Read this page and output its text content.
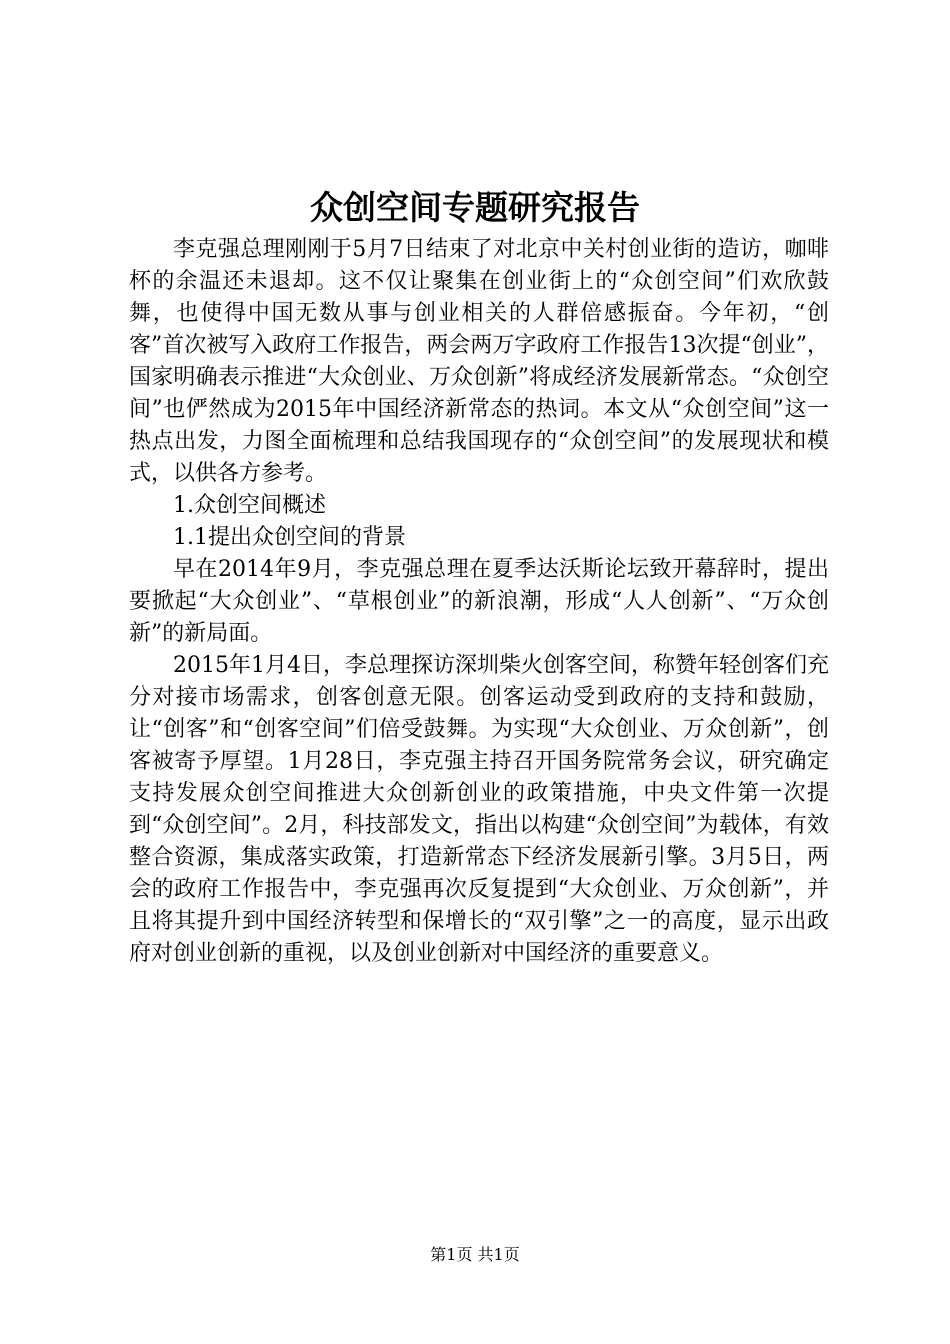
众创空间专题研究报告

李克强总理刚刚于5月7日结束了对北京中关村创业街的造访，咖啡杯的余温还未退却。这不仅让聚集在创业街上的“众创空间”们欢欣鼓舞，也使得中国无数从事与创业相关的人群倍感振奋。今年初，“创客”首次被写入政府工作报告，两会两万字政府工作报告13次提“创业”，国家明确表示推进“大众创业、万众创新”将成经济发展新常态。“众创空间”也俨然成为2015年中国经济新常态的热词。本文从“众创空间”这一热点出发，力图全面梳理和总结我国现存的“众创空间”的发展现状和模式，以供各方参考。

1.众创空间概述

1.1提出众创空间的背景

早在2014年9月，李克强总理在夏季达沃斯论坛致开幕辞时，提出要掀起“大众创业”、“草根创业”的新浪潮，形成“人人创新”、“万众创新”的新局面。

2015年1月4日，李总理探访深圳柴火创客空间，称赞年轻创客们充分对接市场需求，创客创意无限。创客运动受到政府的支持和鼓励，让“创客”和“创客空间”们倍受鼓舞。为实现“大众创业、万众创新”，创客被寄予厚望。1月28日，李克强主持召开国务院常务会议，研究确定支持发展众创空间推进大众创新创业的政策措施，中央文件第一次提到“众创空间”。2月，科技部发文，指出以构建“众创空间”为载体，有效整合资源，集成落实政策，打造新常态下经济发展新引擎。3月5日，两会的政府工作报告中，李克强再次反复提到“大众创业、万众创新”，并且将其提升到中国经济转型和保增长的“双引擎”之一的高度，显示出政府对创业创新的重视，以及创业创新对中国经济的重要意义。

第1页 共1页
